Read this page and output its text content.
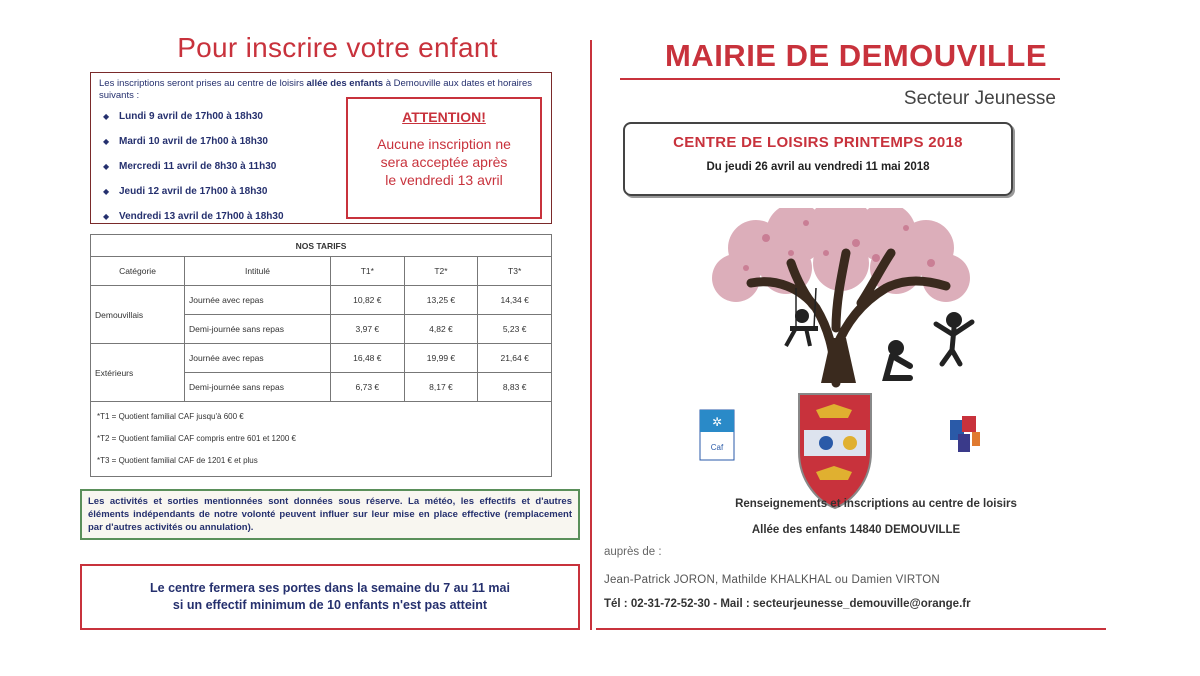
Pour inscrire votre enfant
Les inscriptions seront prises au centre de loisirs allée des enfants à Demouville aux dates et horaires suivants :
◆ Lundi 9 avril de 17h00 à 18h30
◆ Mardi 10 avril de 17h00 à 18h30
◆ Mercredi 11 avril de 8h30 à 11h30
◆ Jeudi 12 avril de 17h00 à 18h30
◆ Vendredi 13 avril de 17h00 à 18h30
ATTENTION!
Aucune inscription ne
sera acceptée après
le vendredi 13 avril
NOS TARIFS				
Catégorie	Intitulé	T1*	T2*	T3*
Demouvillais	Journée avec repas	10,82 €	13,25 €	14,34 €
	Demi-journée sans repas	3,97 €	4,82 €	5,23 €
Extérieurs	Journée avec repas	16,48 €	19,99 €	21,64 €
	Demi-journée sans repas	6,73 €	8,17 €	8,83 €

*T1 = Quotient familial CAF jusqu'à 600 €
*T2 = Quotient familial CAF compris entre 601 et 1200 €
*T3 = Quotient familial CAF de 1201 € et plus				
Les activités et sorties mentionnées sont données sous réserve. La météo, les effectifs et d'autres éléments indépendants de notre volonté peuvent influer sur leur mise en place effective (remplacement par d'autres activités ou annulation).
Le centre fermera ses portes dans la semaine du 7 au 11 mai
si un effectif minimum de 10 enfants n'est pas atteint
MAIRIE DE DEMOUVILLE
Secteur Jeunesse
CENTRE DE LOISIRS PRINTEMPS 2018
Du jeudi 26 avril au vendredi 11 mai 2018
✲
Caf
Renseignements et inscriptions au centre de loisirs
Allée des enfants 14840 DEMOUVILLE
auprès de :
Jean-Patrick JORON, Mathilde KHALKHAL ou Damien VIRTON
Tél : 02-31-72-52-30 - Mail : secteurjeunesse_demouville@orange.fr
